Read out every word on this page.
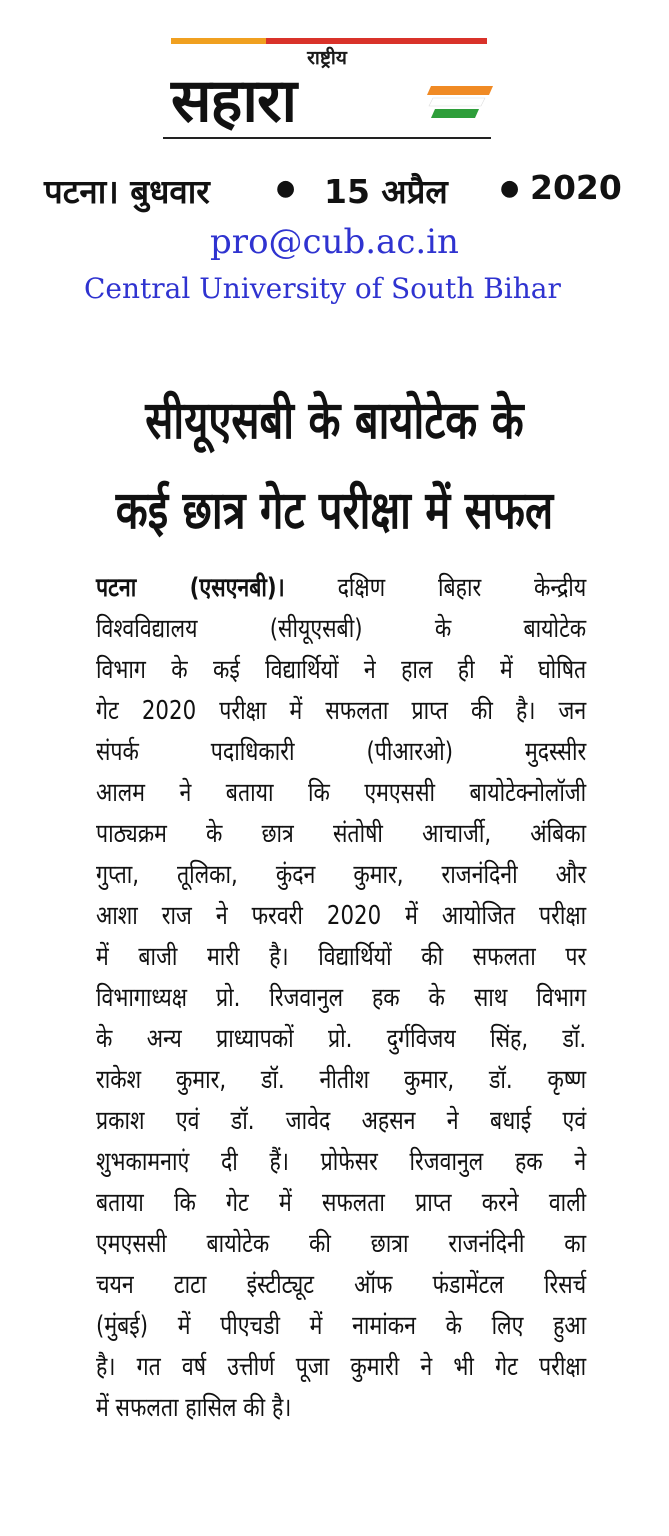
राष्ट्रीय
सहारा
पटना। बुधवार	● 15 अप्रैल ● 2020
pro@cub.ac.in
Central University of South Bihar
सीयूएसबी के बायोटेक के
कई छात्र गेट परीक्षा में सफल
पटना (एसएनबी)। दक्षिण बिहार केन्द्रीय
विश्वविद्यालय (सीयूएसबी) के बायोटेक
विभाग के कई विद्यार्थियों ने हाल ही में घोषित
गेट 2020 परीक्षा में सफलता प्राप्त की है। जन
संपर्क पदाधिकारी (पीआरओ) मुदस्सीर
आलम ने बताया कि एमएससी बायोटेक्नोलॉजी
पाठ्यक्रम के छात्र संतोषी आचार्जी, अंबिका
गुप्ता, तूलिका, कुंदन कुमार, राजनंदिनी और
आशा राज ने फरवरी 2020 में आयोजित परीक्षा
में बाजी मारी है। विद्यार्थियों की सफलता पर
विभागाध्यक्ष प्रो. रिजवानुल हक के साथ विभाग
के अन्य प्राध्यापकों प्रो. दुर्गविजय सिंह, डॉ.
राकेश कुमार, डॉ. नीतीश कुमार, डॉ. कृष्ण
प्रकाश एवं डॉ. जावेद अहसन ने बधाई एवं
शुभकामनाएं दी हैं। प्रोफेसर रिजवानुल हक ने
बताया कि गेट में सफलता प्राप्त करने वाली
एमएससी बायोटेक की छात्रा राजनंदिनी का
चयन टाटा इंस्टीट्यूट ऑफ फंडामेंटल रिसर्च
(मुंबई) में पीएचडी में नामांकन के लिए हुआ
है। गत वर्ष उत्तीर्ण पूजा कुमारी ने भी गेट परीक्षा
में सफलता हासिल की है।
